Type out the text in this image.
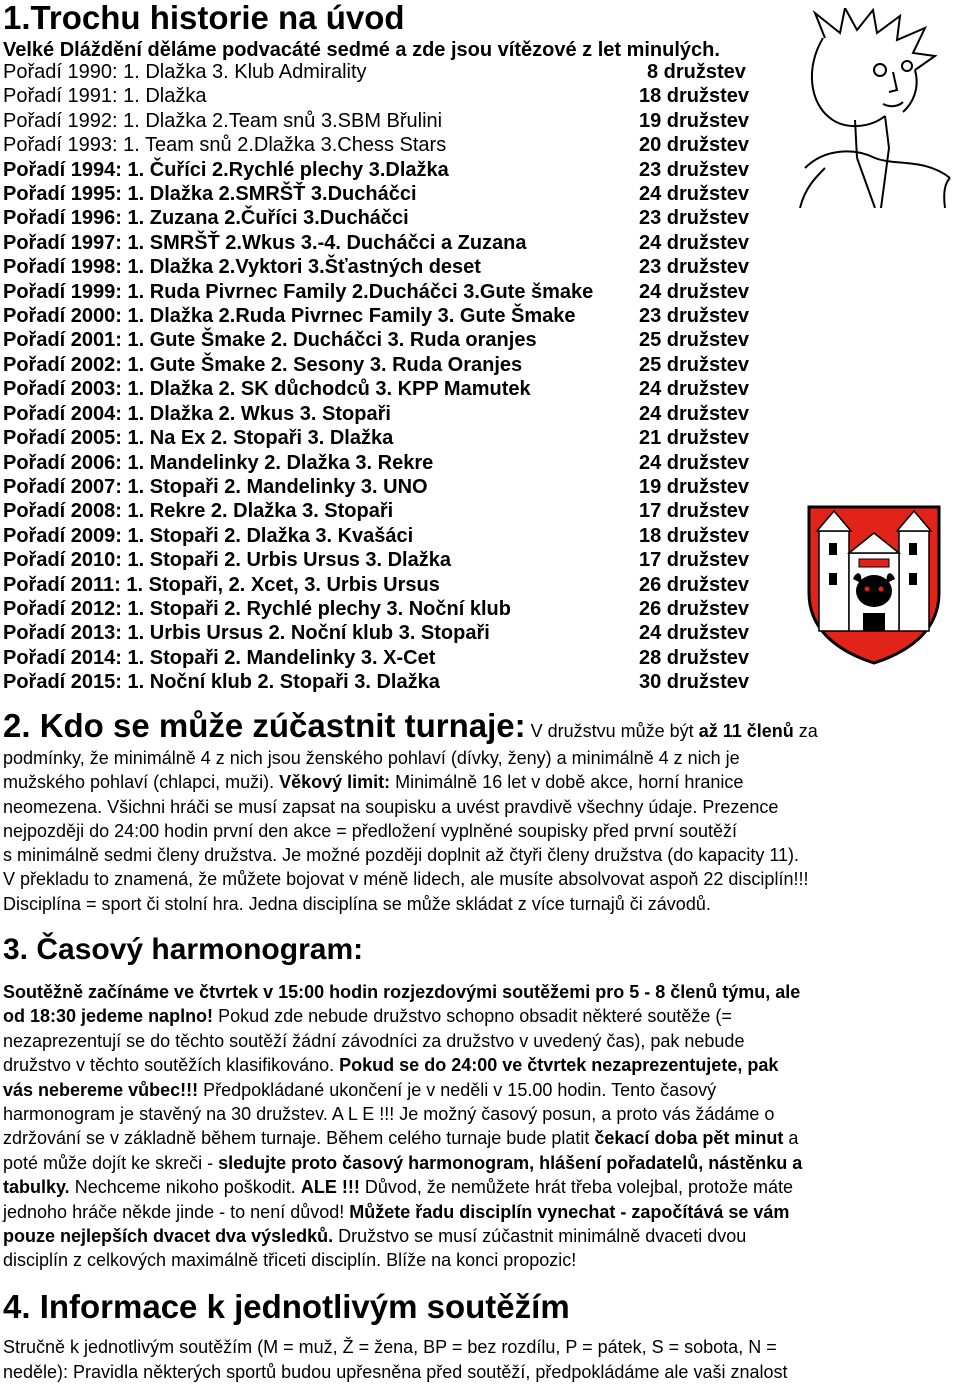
1.Trochu historie na úvod
Velké Dláždění děláme podvacáté sedmé a zde jsou vítězové z let minulých.
Pořadí 1990: 1. Dlažka 3. Klub Admirality	8 družstev
Pořadí 1991: 1. Dlažka	18 družstev
Pořadí 1992: 1. Dlažka 2.Team snů 3.SBM Břulini	19 družstev
Pořadí 1993: 1. Team snů 2.Dlažka 3.Chess Stars	20 družstev
Pořadí 1994: 1. Čuříci 2.Rychlé plechy 3.Dlažka	23 družstev
Pořadí 1995: 1. Dlažka 2.SMRŠŤ 3.Ducháčci	24 družstev
Pořadí 1996: 1. Zuzana 2.Čuříci 3.Ducháčci	23 družstev
Pořadí 1997: 1. SMRŠŤ 2.Wkus 3.-4. Ducháčci a Zuzana	24 družstev
Pořadí 1998: 1. Dlažka 2.Vyktori 3.Šťastných deset	23 družstev
Pořadí 1999: 1. Ruda Pivrnec Family 2.Ducháčci 3.Gute šmake 24 družstev
Pořadí 2000: 1. Dlažka 2.Ruda Pivrnec Family 3. Gute Šmake	23 družstev
Pořadí 2001: 1. Gute Šmake 2. Ducháčci 3. Ruda oranjes	25 družstev
Pořadí 2002: 1. Gute Šmake 2. Sesony 3. Ruda Oranjes	25 družstev
Pořadí 2003: 1. Dlažka 2. SK důchodců 3. KPP Mamutek	24 družstev
Pořadí 2004: 1. Dlažka 2. Wkus 3. Stopaři	24 družstev
Pořadí 2005: 1. Na Ex 2. Stopaři 3. Dlažka	21 družstev
Pořadí 2006: 1. Mandelinky 2. Dlažka 3. Rekre	24 družstev
Pořadí 2007: 1. Stopaři 2. Mandelinky 3. UNO	19 družstev
Pořadí 2008: 1. Rekre 2. Dlažka 3. Stopaři	17 družstev
Pořadí 2009: 1. Stopaři 2. Dlažka 3. Kvašáci	18 družstev
Pořadí 2010: 1. Stopaři 2. Urbis Ursus 3. Dlažka	17 družstev
Pořadí 2011: 1. Stopaři, 2. Xcet, 3. Urbis Ursus	26 družstev
Pořadí 2012: 1. Stopaři 2. Rychlé plechy 3. Noční klub	26 družstev
Pořadí 2013: 1. Urbis Ursus 2. Noční klub 3. Stopaři	24 družstev
Pořadí 2014: 1. Stopaři 2. Mandelinky 3. X-Cet	28 družstev
Pořadí 2015: 1. Noční klub 2. Stopaři 3. Dlažka	30 družstev
2. Kdo se může zúčastnit turnaje: V družstvu může být až 11 členů za
podmínky, že minimálně 4 z nich jsou ženského pohlaví (dívky, ženy) a minimálně 4 z nich je
mužského pohlaví (chlapci, muži). Věkový limit: Minimálně 16 let v době akce, horní hranice
neomezena. Všichni hráči se musí zapsat na soupisku a uvést pravdivě všechny údaje. Prezence
nejpozději do 24:00 hodin první den akce = předložení vyplněné soupisky před první soutěží
s minimálně sedmi členy družstva. Je možné později doplnit až čtyři členy družstva (do kapacity 11).
V překladu to znamená, že můžete bojovat v méně lidech, ale musíte absolvovat aspoň 22 disciplín!!!
Disciplína = sport či stolní hra. Jedna disciplína se může skládat z více turnajů či závodů.
3. Časový harmonogram:
Soutěžně začínáme ve čtvrtek v 15:00 hodin rozjezdovými soutěžemi pro 5 - 8 členů týmu, ale
od 18:30 jedeme naplno! Pokud zde nebude družstvo schopno obsadit některé soutěže (=
nezaprezentují se do těchto soutěží žádní závodníci za družstvo v uvedený čas), pak nebude
družstvo v těchto soutěžích klasifikováno. Pokud se do 24:00 ve čtvrtek nezaprezentujete, pak
vás nebereme vůbec!!! Předpokládané ukončení je v neděli v 15.00 hodin. Tento časový
harmonogram je stavěný na 30 družstev. A L E !!! Je možný časový posun, a proto vás žádáme o
zdržování se v základně během turnaje. Během celého turnaje bude platit čekací doba pět minut a
poté může dojít ke skreči - sledujte proto časový harmonogram, hlášení pořadatelů, nástěnku a
tabulky. Nechceme nikoho poškodit. ALE !!! Důvod, že nemůžete hrát třeba volejbal, protože máte
jednoho hráče někde jinde - to není důvod! Můžete řadu disciplín vynechat - započítává se vám
pouze nejlepších dvacet dva výsledků. Družstvo se musí zúčastnit minimálně dvaceti dvou
disciplín z celkových maximálně třiceti disciplín. Blíže na konci propozic!
4. Informace k jednotlivým soutěžím
Stručně k jednotlivým soutěžím (M = muž, Ž = žena, BP = bez rozdílu, P = pátek, S = sobota, N =
neděle): Pravidla některých sportů budou upřesněna před soutěží, předpokládáme ale vaši znalost
